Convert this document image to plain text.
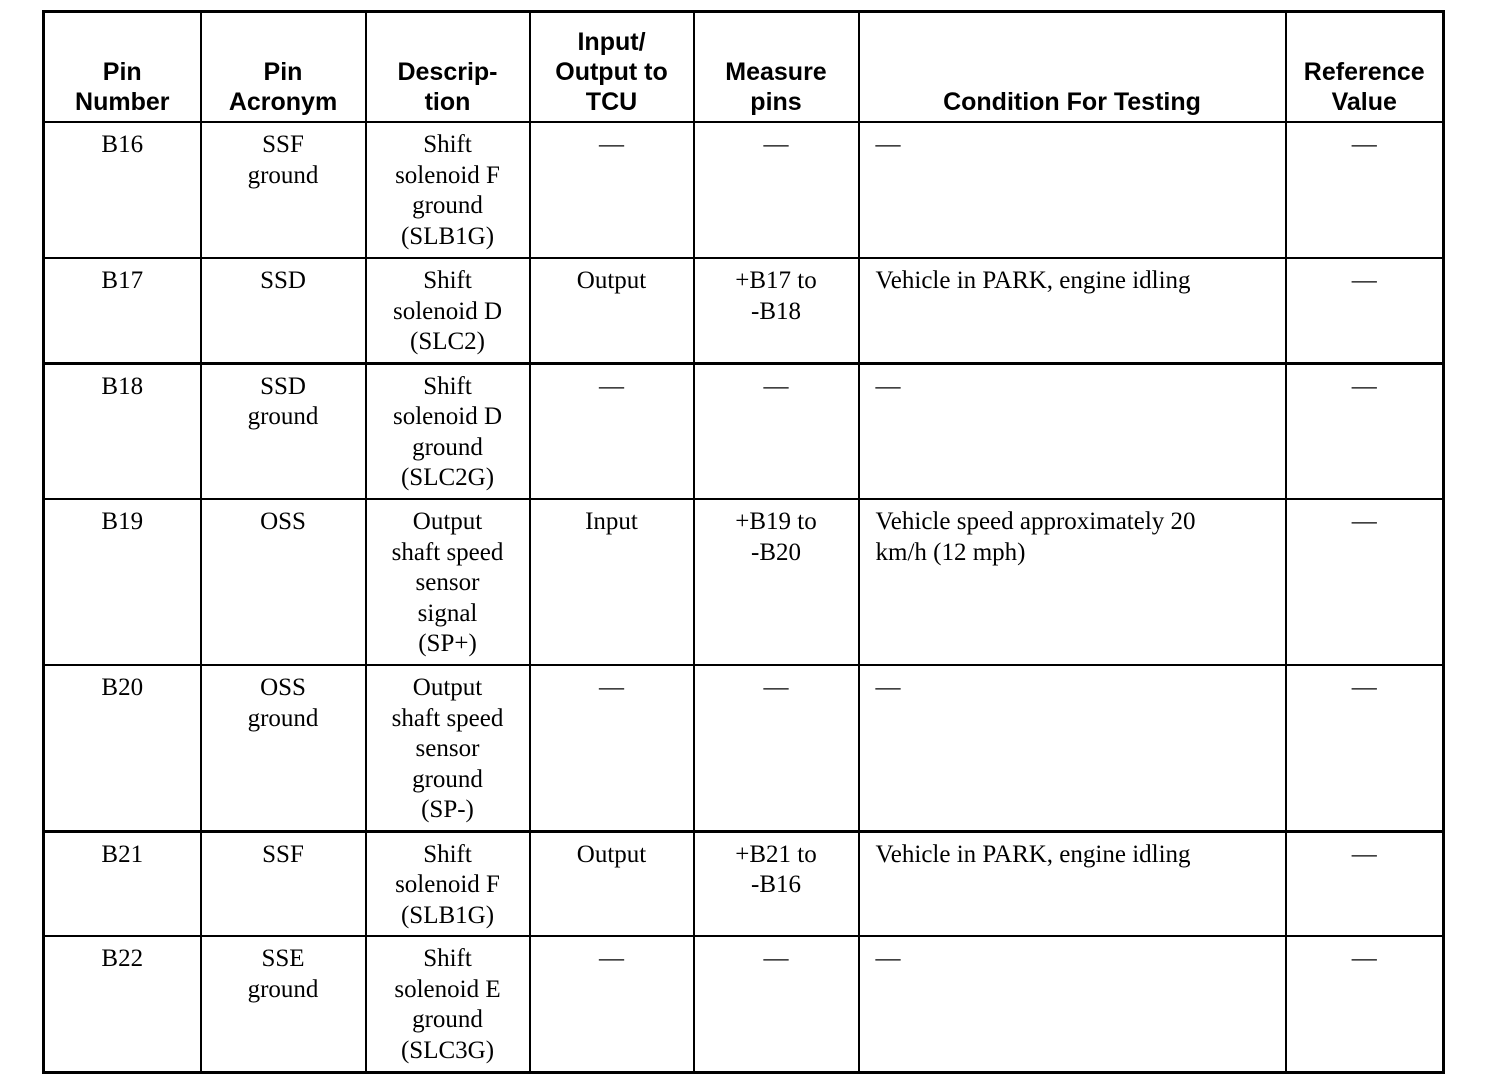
Pin
Number	Pin
Acronym	Descrip-
tion	Input/
Output to
TCU	Measure
pins	Condition For Testing	Reference
Value
B16	SSF
ground	Shift
solenoid F
ground
(SLB1G)	—	—	—	—
B17	SSD	Shift
solenoid D
(SLC2)	Output	+B17 to
-B18	Vehicle in PARK, engine idling	—
B18	SSD
ground	Shift
solenoid D
ground
(SLC2G)	—	—	—	—
B19	OSS	Output
shaft speed
sensor
signal
(SP+)	Input	+B19 to
-B20	Vehicle speed approximately 20
km/h (12 mph)	—
B20	OSS
ground	Output
shaft speed
sensor
ground
(SP-)	—	—	—	—
B21	SSF	Shift
solenoid F
(SLB1G)	Output	+B21 to
-B16	Vehicle in PARK, engine idling	—
B22	SSE
ground	Shift
solenoid E
ground
(SLC3G)	—	—	—	—
